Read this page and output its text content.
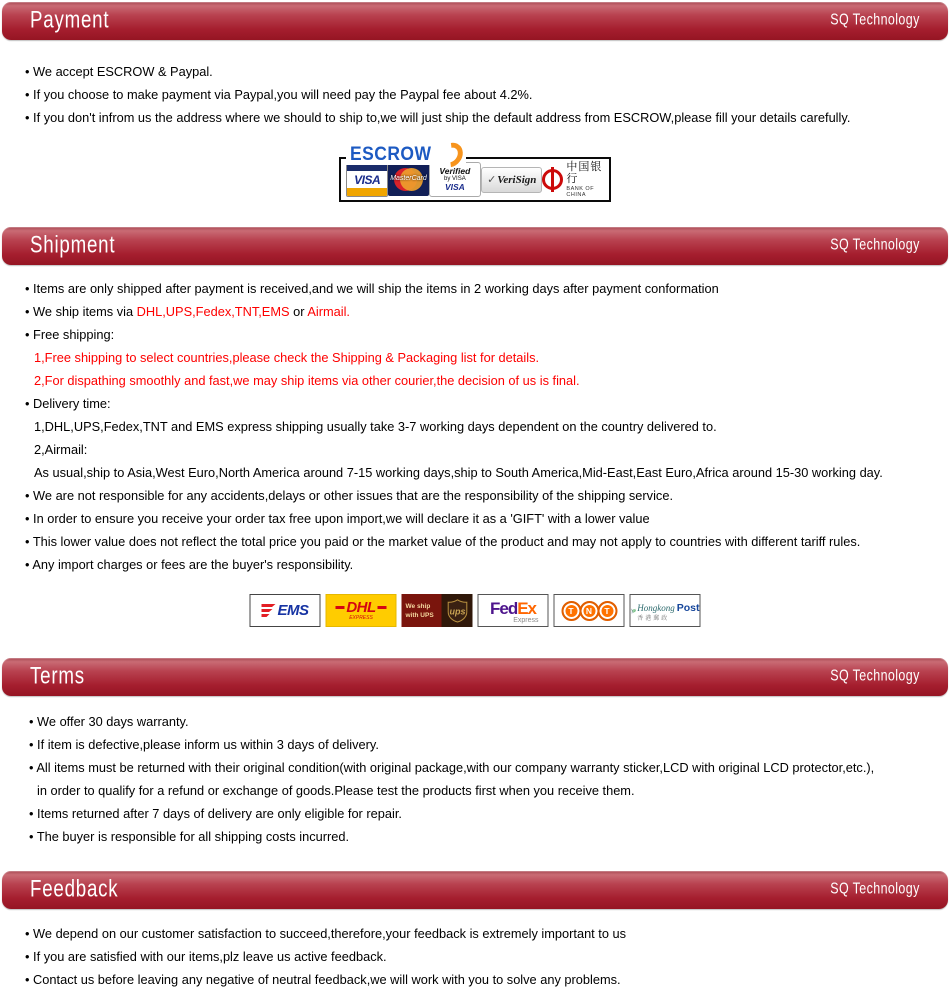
Payment	SQ Technology
• We accept ESCROW & Paypal.
• If you choose to make payment via Paypal,you will need pay the Paypal fee about 4.2%.
• If you don't infrom us the address where we should to ship to,we will just ship the default address from ESCROW,please fill your details carefully.
VISA	MasterCard
Verified
by VISA
VISA
✓ VeriSign
中国银行
BANK OF CHINA
ESCROW
Shipment	SQ Technology
• Items are only shipped after payment is received,and we will ship the items in 2 working days after payment conformation
• We ship items via DHL,UPS,Fedex,TNT,EMS or Airmail.
• Free shipping:
1,Free shipping to select countries,please check the Shipping & Packaging list for details.
2,For dispathing smoothly and fast,we may ship items via other courier,the decision of us is final.
• Delivery time:
1,DHL,UPS,Fedex,TNT and EMS express shipping usually take 3-7 working days dependent on the country delivered to.
2,Airmail:
As usual,ship to Asia,West Euro,North America around 7-15 working days,ship to South America,Mid-East,East Euro,Africa around 15-30 working day.
• We are not responsible for any accidents,delays or other issues that are the responsibility of the shipping service.
• In order to ensure you receive your order tax free upon import,we will declare it as a 'GIFT' with a lower value
• This lower value does not reflect the total price you paid or the market value of the product and may not apply to countries with different tariff rules.
• Any import charges or fees are the buyer's responsibility.
EMS	DHL
EXPRESS
We ship
with UPS	ups FedEx
Express
T	N	T	Hongkong Post
香港郵政
Terms	SQ Technology
• We offer 30 days warranty.
• If item is defective,please inform us within 3 days of delivery.
• All items must be returned with their original condition(with original package,with our company warranty sticker,LCD with original LCD protector,etc.),
in order to qualify for a refund or exchange of goods.Please test the products first when you receive them.
• Items returned after 7 days of delivery are only eligible for repair.
• The buyer is responsible for all shipping costs incurred.
Feedback	SQ Technology
• We depend on our customer satisfaction to succeed,therefore,your feedback is extremely important to us
• If you are satisfied with our items,plz leave us active feedback.
• Contact us before leaving any negative of neutral feedback,we will work with you to solve any problems.
